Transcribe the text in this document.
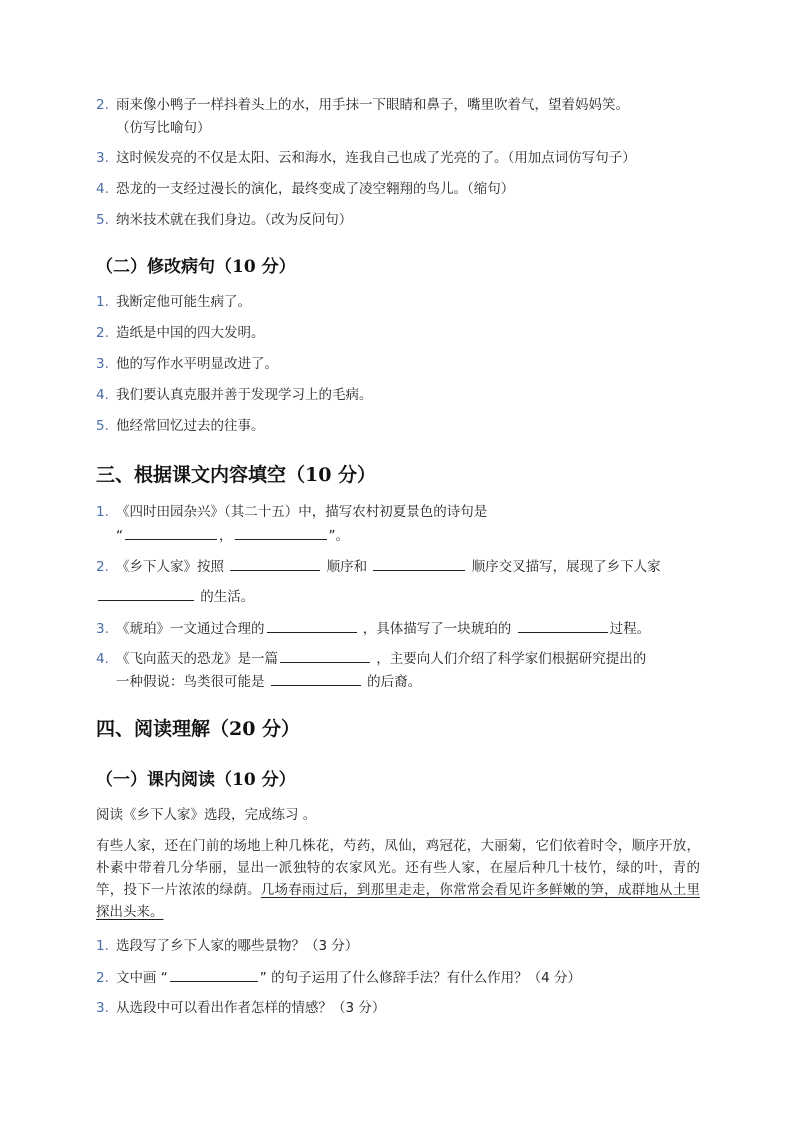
2. 雨来像小鸭子一样抖着头上的水，用手抹一下眼睛和鼻子，嘴里吹着气，望着妈妈笑。
（仿写比喻句）
3. 这时候发亮的不仅是太阳、云和海水，连我自己也成了光亮的了。（用加点词仿写句子）
4. 恐龙的一支经过漫长的演化，最终变成了凌空翱翔的鸟儿。（缩句）
5. 纳米技术就在我们身边。（改为反问句）
（二）修改病句（10 分）
1. 我断定他可能生病了。
2. 造纸是中国的四大发明。
3. 他的写作水平明显改进了。
4. 我们要认真克服并善于发现学习上的毛病。
5. 他经常回忆过去的往事。
三、根据课文内容填空（10 分）
1. 《四时田园杂兴》（其二十五）中，描写农村初夏景色的诗句是
“	，	”。
2. 《乡下人家》按照	顺序和	顺序交叉描写，展现了乡下人家
的生活。
3. 《琥珀》一文通过合理的	，具体描写了一块琥珀的	过程。
4. 《飞向蓝天的恐龙》是一篇	，主要向人们介绍了科学家们根据研究提出的
一种假说：鸟类很可能是	的后裔。
四、阅读理解（20 分）
（一）课内阅读（10 分）
阅读《乡下人家》选段，完成练习 。
有些人家，还在门前的场地上种几株花，芍药，凤仙，鸡冠花，大丽菊，它们依着时令，顺序开放，朴素中带着几分华丽，显出一派独特的农家风光。还有些人家，在屋后种几十枝竹，绿的叶，青的竿，投下一片浓浓的绿荫。几场春雨过后，到那里走走，你常常会看见许多鲜嫩的笋，成群地从土里探出头来。
1. 选段写了乡下人家的哪些景物？（3 分）
2. 文中画 “	” 的句子运用了什么修辞手法？有什么作用？（4 分）
3. 从选段中可以看出作者怎样的情感？（3 分）
